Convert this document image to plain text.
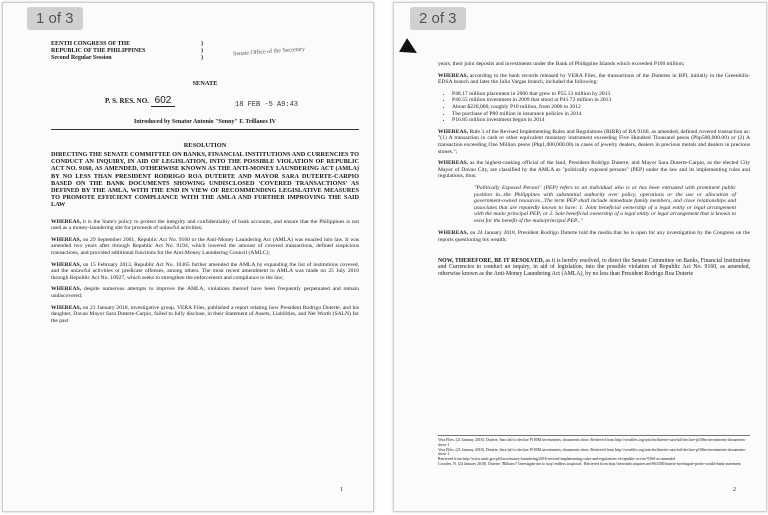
1 of 3
Senate Office of the Secretary
18 FEB -5 A9:43
EENTH CONGRESS OF THE	)
REPUBLIC OF THE PHILIPPINES	)
Second Regular Session	)
SENATE
P. S. RES. NO. 602
Introduced by Senator Antonio "Sonny" F. Trillanes IV
RESOLUTION
DIRECTING THE SENATE COMMITTEE ON BANKS, FINANCIAL INSTITUTIONS AND CURRENCIES TO CONDUCT AN INQUIRY, IN AID OF LEGISLATION, INTO THE POSSIBLE VIOLATION OF REPUBLIC ACT NO. 9160, AS AMENDED, OTHERWISE KNOWN AS THE ANTI-MONEY LAUNDERING ACT (AMLA) BY NO LESS THAN PRESIDENT RODRIGO ROA DUTERTE AND MAYOR SARA DUTERTE-CARPIO BASED ON THE BANK DOCUMENTS SHOWING UNDISCLOSED 'COVERED TRANSACTIONS' AS DEFINED BY THE AMLA, WITH THE END IN VIEW OF RECOMMENDING LEGISLATIVE MEASURES TO PROMOTE EFFICIENT COMPLIANCE WITH THE AMLA AND FURTHER IMPROVING THE SAID LAW

WHEREAS, it is the State's policy to protect the integrity and confidentiality of bank accounts, and ensure that the Philippines is not used as a money-laundering site for proceeds of unlawful activities;

WHEREAS, on 29 September 2001, Republic Act No. 9160 or the Anti-Money Laundering Act (AMLA) was enacted into law. It was amended two years after through Republic Act No. 9194, which lowered the amount of covered transactions, defined suspicious transactions, and provided additional functions for the Anti-Money Laundering Council (AMLC);

WHEREAS, on 15 February 2013, Republic Act No. 10365 further amended the AMLA by expanding the list of institutions covered, and the unlawful activities or predicate offenses, among others. The most recent amendment to AMLA was made on 25 July 2016 through Republic Act No. 10927, which seeks to strengthen the enforcement and compliance to the law;

WHEREAS, despite numerous attempts to improve the AMLA, violations thereof have been frequently perpetuated and remain undiscovered;

WHEREAS, on 21 January 2018, investigative group, VERA Files, published a report relating how President Rodrigo Duterte, and his daughter, Davao Mayor Sara Duterte-Carpio, failed to fully disclose, in their Statement of Assets, Liabilities, and Net Worth (SALN) for the past

1
2 of 3

years, their joint deposits and investments under the Bank of Philippine Islands which exceeded P100 million;

WHEREAS, according to the bank records released by VERA Files, the transactions of the Dutertes in BPI, initially in the Greenhills-EDSA branch and later the Julia Vargas branch, included the following:

• P48.17 million placement in 2006 that grew to P55.13 million by 2013
• P40.55 million investment in 2009 that stood at P41.72 million in 2013
• About $220,000, roughly P10 million, from 2006 to 2012
• The purchase of P80 million in insurance policies in 2014
• P16.85 million investment begun in 2014

WHEREAS, Rule 3 of the Revised Implementing Rules and Regulations (RIRR) of RA 9160, as amended, defined covered transaction as: "(1) A transaction in cash or other equivalent monetary instrument exceeding Five Hundred Thousand pesos (Php500,000.00) or (2) A transaction exceeding One Million pesos (Php1,000,000.00) in cases of jewelry dealers, dealers in precious metals and dealers in precious stones.";

WHEREAS, as the highest-ranking official of the land, President Rodrigo Duterte, and Mayor Sara Duterte-Carpio, as the elected City Mayor of Davao City, are classified by the AMLA as "politically exposed persons" (PEP) under the law and its implementing rules and regulations, thus:

"Politically Exposed Person" (PEP) refers to an individual who is or has been entrusted with prominent public position in...the Philippines with substantial authority over policy, operations or the use or allocation of government-owned resources...The term PEP shall include immediate family members, and close relationships and associates that are reputedly known to have: 1. Joint beneficial ownership of a legal entity or legal arrangement with the main/ principal PEP; or 2. Sole beneficial ownership of a legal entity or legal arrangement that is known to exist for the benefit of the main/principal PEP..."

WHEREAS, on 24 January 2018, President Rodrigo Duterte told the media that he is open for any investigation by the Congress on the reports questioning his wealth;

NOW, THEREFORE, BE IT RESOLVED, as it is hereby resolved, to direct the Senate Committee on Banks, Financial Institutions and Currencies to conduct an inquiry, in aid of legislation, into the possible violation of Republic Act No. 9160, as amended, otherwise known as the Anti-Money Laundering Act (AMLA), by no less than President Rodrigo Roa Duterte

Vera Files. (21 January 2018). Duterte, Sara fail to declare P100M investments, documents show. Retrieved from http://verafiles.org/articles/duterte-sara-fail-declare-p100m-investments-documents-show-1
Vera Files. (21 January 2018). Duterte, Sara fail to declare P100M investments, documents show. Retrieved from http://verafiles.org/articles/duterte-sara-fail-declare-p100m-investments-documents-show-1
Retrieved from http://www.amlc.gov.ph/laws/money-laundering/2016-revised-implementing-rules-and-regulations-of-republic-act-no-9160-as-amended
Corrales, N. (24 January 2018). Duterte: 'Billions?' Investigate me to stop 'endless suspicion'. Retrieved from http://newsinfo.inquirer.net/963308/duterte-investigate-probe-wealth-bank-statement
2
